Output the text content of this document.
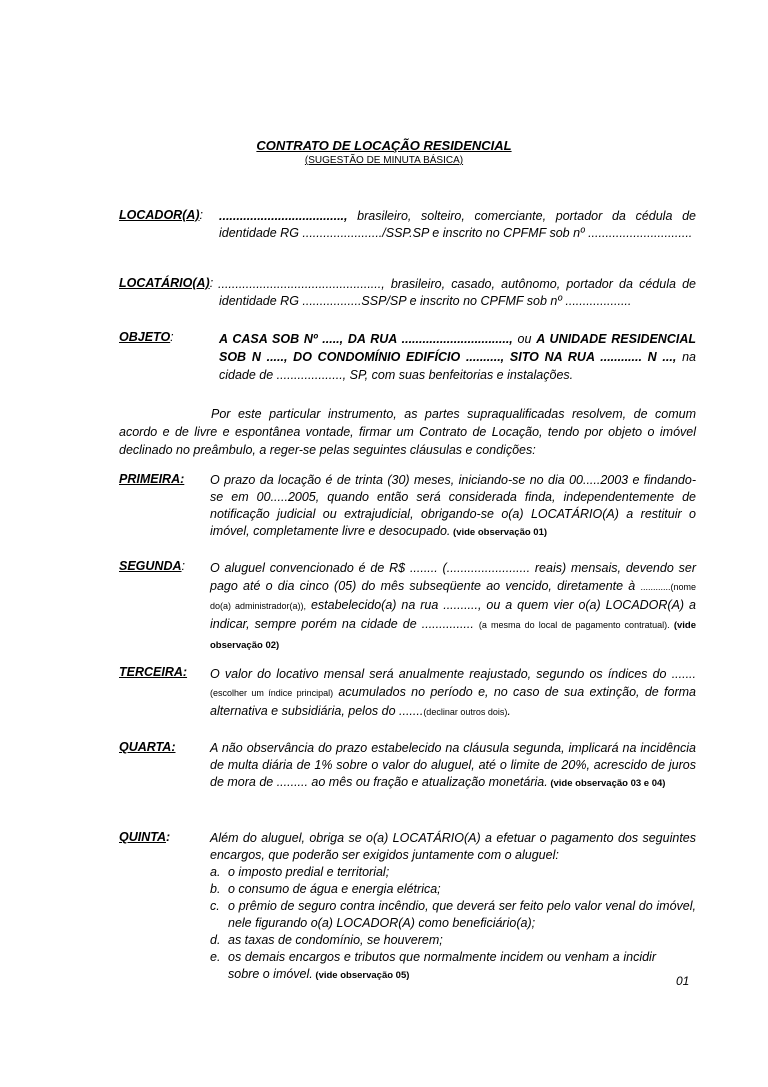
CONTRATO DE LOCAÇÃO RESIDENCIAL
(SUGESTÃO DE MINUTA BÁSICA)
LOCADOR(A): ...................................., brasileiro, solteiro, comerciante, portador da cédula de identidade RG ......................./SSP.SP e inscrito no CPFMF sob nº ..............................
LOCATÁRIO(A): ..............................................., brasileiro, casado, autônomo, portador da cédula de identidade RG .................SSP/SP e inscrito no CPFMF sob nº ...................
OBJETO:	A CASA SOB Nº ....., DA RUA ..............................., ou A UNIDADE RESIDENCIAL SOB N ....., DO CONDOMÍNIO EDIFÍCIO .........., SITO NA RUA ............ N ..., na cidade de ..................., SP, com suas benfeitorias e instalações.
Por este particular instrumento, as partes supraqualificadas resolvem, de comum acordo e de livre e espontânea vontade, firmar um Contrato de Locação, tendo por objeto o imóvel declinado no preâmbulo, a reger-se pelas seguintes cláusulas e condições:
PRIMEIRA: O prazo da locação é de trinta (30) meses, iniciando-se no dia 00.....2003 e findando-se em 00.....2005, quando então será considerada finda, independentemente de notificação judicial ou extrajudicial, obrigando-se o(a) LOCATÁRIO(A) a restituir o imóvel, completamente livre e desocupado. (vide observação 01)
SEGUNDA: O aluguel convencionado é de R$ ........ (........................ reais) mensais, devendo ser pago até o dia cinco (05) do mês subseqüente ao vencido, diretamente à ............(nome do(a) administrador(a)), estabelecido(a) na rua .........., ou a quem vier o(a) LOCADOR(A) a indicar, sempre porém na cidade de ............... (a mesma do local de pagamento contratual). (vide observação 02)
TERCEIRA: O valor do locativo mensal será anualmente reajustado, segundo os índices do .......(escolher um índice principal) acumulados no período e, no caso de sua extinção, de forma alternativa e subsidiária, pelos do .......(declinar outros dois).
QUARTA:	A não observância do prazo estabelecido na cláusula segunda, implicará na incidência de multa diária de 1% sobre o valor do aluguel, até o limite de 20%, acrescido de juros de mora de ......... ao mês ou fração e atualização monetária. (vide observação 03 e 04)
QUINTA:	Além do aluguel, obriga se o(a) LOCATÁRIO(A) a efetuar o pagamento dos seguintes encargos, que poderão ser exigidos juntamente com o aluguel:
a. o imposto predial e territorial;
b. o consumo de água e energia elétrica;
c. o prêmio de seguro contra incêndio, que deverá ser feito pelo valor venal do imóvel, nele figurando o(a) LOCADOR(A) como beneficiário(a);
d. as taxas de condomínio, se houverem;
e. os demais encargos e tributos que normalmente incidem ou venham a incidir sobre o imóvel. (vide observação 05)	01
